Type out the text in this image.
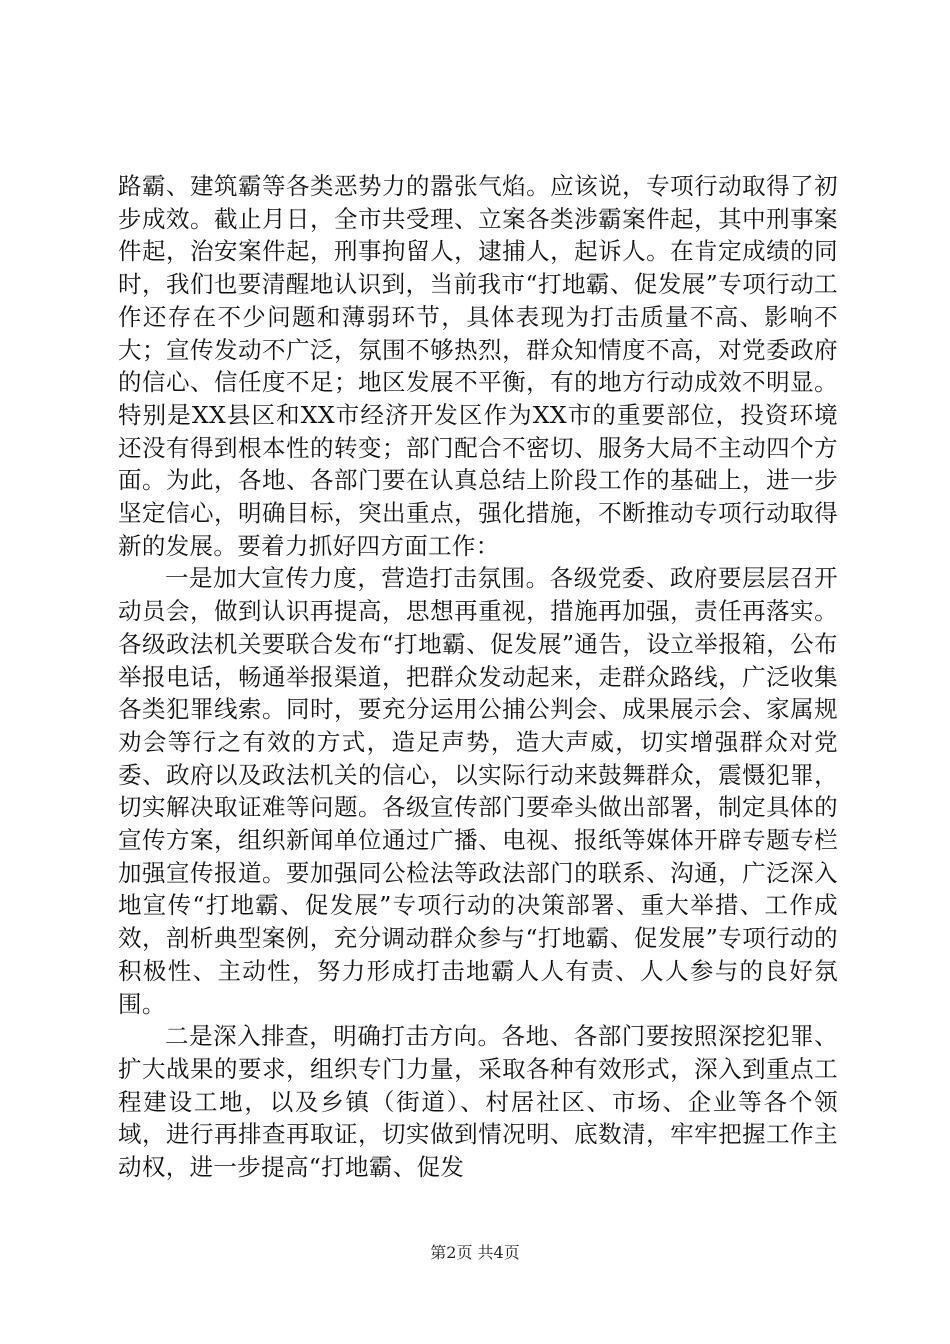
路霸、建筑霸等各类恶势力的嚣张气焰。应该说，专项行动取得了初步成效。截止月日，全市共受理、立案各类涉霸案件起，其中刑事案件起，治安案件起，刑事拘留人，逮捕人，起诉人。在肯定成绩的同时，我们也要清醒地认识到，当前我市“打地霸、促发展”专项行动工作还存在不少问题和薄弱环节，具体表现为打击质量不高、影响不大；宣传发动不广泛，氛围不够热烈，群众知情度不高，对党委政府的信心、信任度不足；地区发展不平衡，有的地方行动成效不明显。特别是XX县区和XX市经济开发区作为XX市的重要部位，投资环境还没有得到根本性的转变；部门配合不密切、服务大局不主动四个方面。为此，各地、各部门要在认真总结上阶段工作的基础上，进一步坚定信心，明确目标，突出重点，强化措施，不断推动专项行动取得新的发展。要着力抓好四方面工作：

一是加大宣传力度，营造打击氛围。各级党委、政府要层层召开动员会，做到认识再提高，思想再重视，措施再加强，责任再落实。各级政法机关要联合发布“打地霸、促发展”通告，设立举报箱，公布举报电话，畅通举报渠道，把群众发动起来，走群众路线，广泛收集各类犯罪线索。同时，要充分运用公捕公判会、成果展示会、家属规劝会等行之有效的方式，造足声势，造大声威，切实增强群众对党委、政府以及政法机关的信心，以实际行动来鼓舞群众，震慑犯罪，切实解决取证难等问题。各级宣传部门要牵头做出部署，制定具体的宣传方案，组织新闻单位通过广播、电视、报纸等媒体开辟专题专栏加强宣传报道。要加强同公检法等政法部门的联系、沟通，广泛深入地宣传“打地霸、促发展”专项行动的决策部署、重大举措、工作成效，剖析典型案例，充分调动群众参与“打地霸、促发展”专项行动的积极性、主动性，努力形成打击地霸人人有责、人人参与的良好氛围。

二是深入排查，明确打击方向。各地、各部门要按照深挖犯罪、扩大战果的要求，组织专门力量，采取各种有效形式，深入到重点工程建设工地，以及乡镇（街道）、村居社区、市场、企业等各个领域，进行再排查再取证，切实做到情况明、底数清，牢牢把握工作主动权，进一步提高“打地霸、促发

第2页 共4页
